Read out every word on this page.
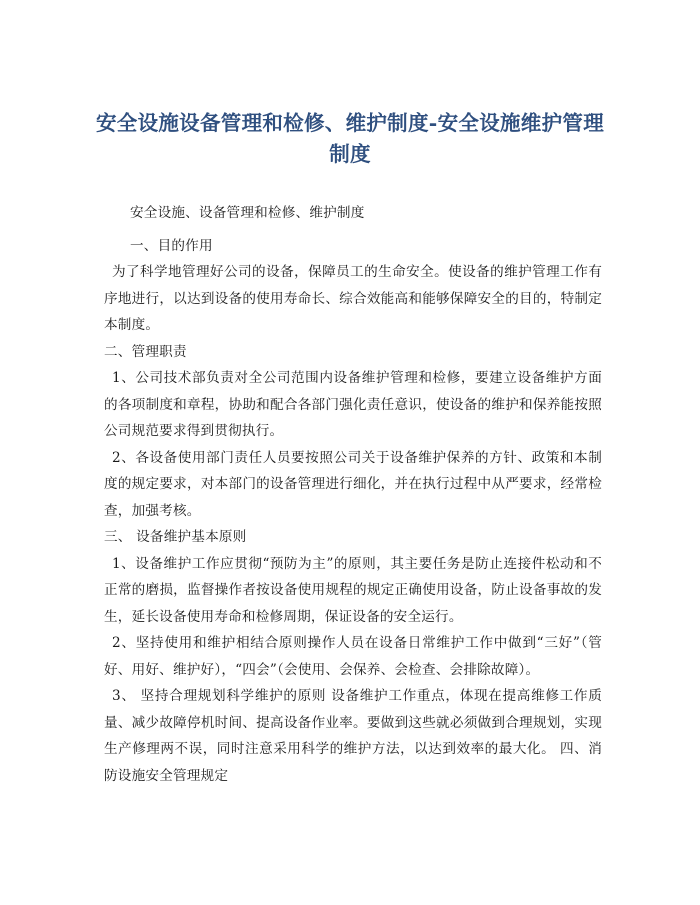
安全设施设备管理和检修、维护制度-安全设施维护管理制度

安全设施、设备管理和检修、维护制度

一、目的作用

为了科学地管理好公司的设备，保障员工的生命安全。使设备的维护管理工作有序地进行，以达到设备的使用寿命长、综合效能高和能够保障安全的目的，特制定本制度。

二、管理职责

1、公司技术部负责对全公司范围内设备维护管理和检修，要建立设备维护方面的各项制度和章程，协助和配合各部门强化责任意识，使设备的维护和保养能按照公司规范要求得到贯彻执行。

2、各设备使用部门责任人员要按照公司关于设备维护保养的方针、政策和本制度的规定要求，对本部门的设备管理进行细化，并在执行过程中从严要求，经常检查，加强考核。

三、 设备维护基本原则

1、设备维护工作应贯彻“预防为主”的原则，其主要任务是防止连接件松动和不正常的磨损，监督操作者按设备使用规程的规定正确使用设备，防止设备事故的发生，延长设备使用寿命和检修周期，保证设备的安全运行。

2、坚持使用和维护相结合原则操作人员在设备日常维护工作中做到“三好”（管好、用好、维护好），“四会”（会使用、会保养、会检查、会排除故障）。

3、 坚持合理规划科学维护的原则 设备维护工作重点，体现在提高维修工作质量、减少故障停机时间、提高设备作业率。要做到这些就必须做到合理规划，实现生产修理两不误，同时注意采用科学的维护方法，以达到效率的最大化。 四、消防设施安全管理规定
